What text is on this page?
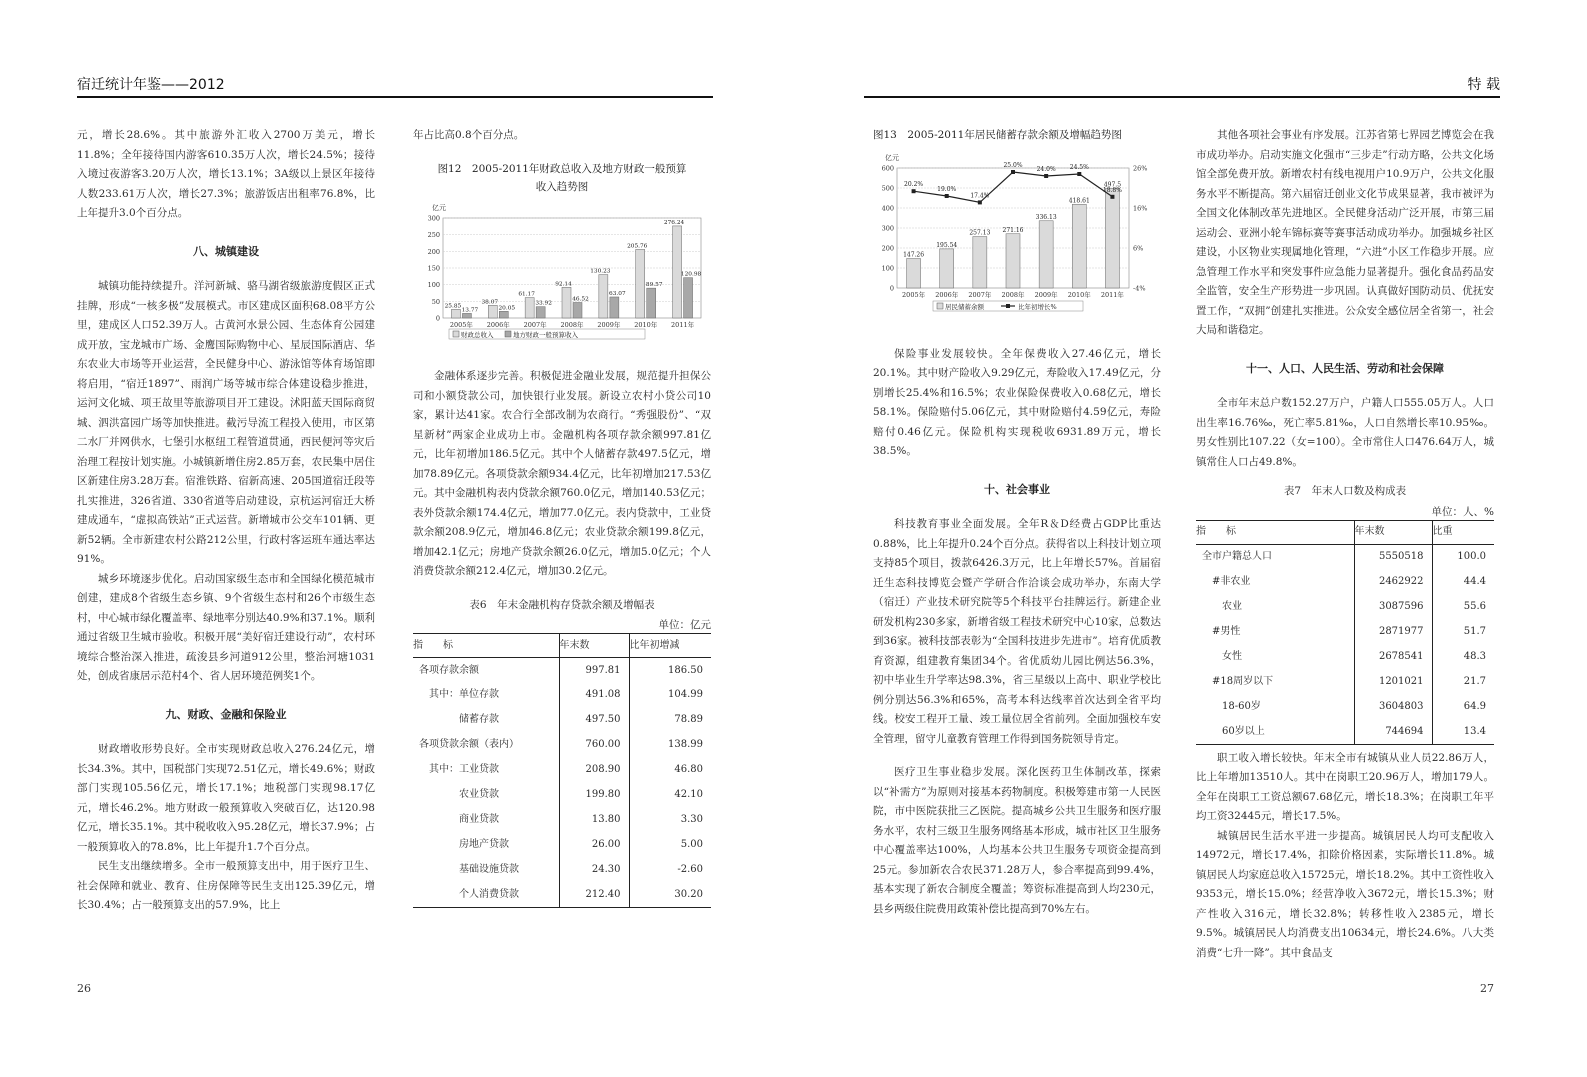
宿迁统计年鉴——2012	特 载

元，增长28.6%。其中旅游外汇收入2700万美元，增长11.8%；全年接待国内游客610.35万人次，增长24.5%；接待入境过夜游客3.20万人次，增长13.1%；3A级以上景区年接待人数233.61万人次，增长27.3%；旅游饭店出租率76.8%，比上年提升3.0个百分点。

八、城镇建设

城镇功能持续提升。洋河新城、骆马湖省级旅游度假区正式挂牌，形成“一核多极”发展模式。市区建成区面积68.08平方公里，建成区人口52.39万人。古黄河水景公园、生态体育公园建成开放，宝龙城市广场、金鹰国际购物中心、星辰国际酒店、华东农业大市场等开业运营，全民健身中心、游泳馆等体育场馆即将启用，“宿迁1897”、雨润广场等城市综合体建设稳步推进，运河文化城、项王故里等旅游项目开工建设。沭阳蓝天国际商贸城、泗洪富园广场等加快推进。截污导流工程投入使用，市区第二水厂并网供水，七堡引水枢纽工程管道贯通，西民便河等灾后治理工程按计划实施。小城镇新增住房2.85万套，农民集中居住区新建住房3.28万套。宿淮铁路、宿新高速、205国道宿迁段等扎实推进，326省道、330省道等启动建设，京杭运河宿迁大桥建成通车，“虚拟高铁站”正式运营。新增城市公交车101辆、更新52辆。全市新建农村公路212公里，行政村客运班车通达率达91%。

城乡环境逐步优化。启动国家级生态市和全国绿化模范城市创建，建成8个省级生态乡镇、9个省级生态村和26个市级生态村，中心城市绿化覆盖率、绿地率分别达40.9%和37.1%。顺利通过省级卫生城市验收。积极开展“美好宿迁建设行动”，农村环境综合整治深入推进，疏浚县乡河道912公里，整治河塘1031处，创成省康居示范村4个、省人居环境范例奖1个。

九、财政、金融和保险业

财政增收形势良好。全市实现财政总收入276.24亿元，增长34.3%。其中，国税部门实现72.51亿元，增长49.6%；财政部门实现105.56亿元，增长17.1%；地税部门实现98.17亿元，增长46.2%。地方财政一般预算收入突破百亿，达120.98亿元，增长35.1%。其中税收收入95.28亿元，增长37.9%；占一般预算收入的78.8%，比上年提升1.7个百分点。

民生支出继续增多。全市一般预算支出中，用于医疗卫生、社会保障和就业、教育、住房保障等民生支出125.39亿元，增长30.4%；占一般预算支出的57.9%，比上

年占比高0.8个百分点。

图12　2005-2011年财政总收入及地方财政一般预算收入趋势图
亿元
0
50
100
150
200
250
300
25.85
13.77
2005年
38.07
20.05
2006年
61.17
33.92
2007年
92.14
46.52
2008年
130.23
63.07
2009年
205.76
89.57
2010年
276.24
120.98
2011年
财政总收入	地方财政一般预算收入

金融体系逐步完善。积极促进金融业发展，规范提升担保公司和小额贷款公司，加快银行业发展。新设立农村小贷公司10家，累计达41家。农合行全部改制为农商行。“秀强股份”、“双星新材”两家企业成功上市。金融机构各项存款余额997.81亿元，比年初增加186.5亿元。其中个人储蓄存款497.5亿元，增加78.89亿元。各项贷款余额934.4亿元，比年初增加217.53亿元。其中金融机构表内贷款余额760.0亿元，增加140.53亿元；表外贷款余额174.4亿元，增加77.0亿元。表内贷款中，工业贷款余额208.9亿元，增加46.8亿元；农业贷款余额199.8亿元，增加42.1亿元；房地产贷款余额26.0亿元，增加5.0亿元；个人消费贷款余额212.4亿元，增加30.2亿元。

表6　年末金融机构存贷款余额及增幅表
单位：亿元
指　　标	年末数	比年初增减
各项存款余额	997.81	186.50
　其中：单位存款	491.08	104.99
　　　　储蓄存款	497.50	78.89
各项贷款余额（表内）	760.00	138.99
　其中：工业贷款	208.90	46.80
　　　　农业贷款	199.80	42.10
　　　　商业贷款	13.80	3.30
　　　　房地产贷款	26.00	5.00
　　　　基础设施贷款	24.30	-2.60
　　　　个人消费贷款	212.40	30.20
图13　2005-2011年居民储蓄存款余额及增幅趋势图
亿元
0
100
200
300
400
500
600
-4%
6%
16%
26%
147.26
2005年
195.54
2006年
257.13
2007年
271.16
2008年
336.13
2009年
418.61
2010年
497.5
2011年
20.2%
19.0%
17.4%
25.0%
24.0% 24.5%
18.8%
居民储蓄余额	比年初增长%

保险事业发展较快。全年保费收入27.46亿元，增长20.1%。其中财产险收入9.29亿元，寿险收入17.49亿元，分别增长25.4%和16.5%；农业保险保费收入0.68亿元，增长58.1%。保险赔付5.06亿元，其中财险赔付4.59亿元，寿险赔付0.46亿元。保险机构实现税收6931.89万元，增长38.5%。

十、社会事业

科技教育事业全面发展。全年R＆D经费占GDP比重达0.88%，比上年提升0.24个百分点。获得省以上科技计划立项支持85个项目，拨款6426.3万元，比上年增长57%。首届宿迁生态科技博览会暨产学研合作洽谈会成功举办，东南大学（宿迁）产业技术研究院等5个科技平台挂牌运行。新建企业研发机构230多家，新增省级工程技术研究中心10家，总数达到36家。被科技部表彰为“全国科技进步先进市”。培育优质教育资源，组建教育集团34个。省优质幼儿园比例达56.3%，初中毕业生升学率达98.3%，省三星级以上高中、职业学校比例分别达56.3%和65%，高考本科达线率首次达到全省平均线。校安工程开工量、竣工量位居全省前列。全面加强校车安全管理，留守儿童教育管理工作得到国务院领导肯定。

医疗卫生事业稳步发展。深化医药卫生体制改革，探索以“补需方”为原则对接基本药物制度。积极筹建市第一人民医院，市中医院获批三乙医院。提高城乡公共卫生服务和医疗服务水平，农村三级卫生服务网络基本形成，城市社区卫生服务中心覆盖率达100%，人均基本公共卫生服务专项资金提高到25元。参加新农合农民371.28万人，参合率提高到99.4%，基本实现了新农合制度全覆盖；筹资标准提高到人均230元，县乡两级住院费用政策补偿比提高到70%左右。

其他各项社会事业有序发展。江苏省第七界园艺博览会在我市成功举办。启动实施文化强市“三步走”行动方略，公共文化场馆全部免费开放。新增农村有线电视用户10.9万户，公共文化服务水平不断提高。第六届宿迁创业文化节成果显著，我市被评为全国文化体制改革先进地区。全民健身活动广泛开展，市第三届运动会、亚洲小轮车锦标赛等赛事活动成功举办。加强城乡社区建设，小区物业实现属地化管理，“六进”小区工作稳步开展。应急管理工作水平和突发事件应急能力显著提升。强化食品药品安全监管，安全生产形势进一步巩固。认真做好国防动员、优抚安置工作，“双拥”创建扎实推进。公众安全感位居全省第一，社会大局和谐稳定。

十一、人口、人民生活、劳动和社会保障

全市年末总户数152.27万户，户籍人口555.05万人。人口出生率16.76‰，死亡率5.81‰，人口自然增长率10.95‰。男女性别比107.22（女=100）。全市常住人口476.64万人，城镇常住人口占49.8%。

表7　年末人口数及构成表
单位：人、%
指　　标	年末数	比重
全市户籍总人口	5550518	100.0
　#非农业	2462922	44.4
　　农业	3087596	55.6
　#男性	2871977	51.7
　　女性	2678541	48.3
　#18周岁以下	1201021	21.7
　　18-60岁	3604803	64.9
　　60岁以上	744694	13.4

职工收入增长较快。年末全市有城镇从业人员22.86万人，比上年增加13510人。其中在岗职工20.96万人，增加179人。全年在岗职工工资总额67.68亿元，增长18.3%；在岗职工年平均工资32445元，增长17.5%。

城镇居民生活水平进一步提高。城镇居民人均可支配收入14972元，增长17.4%，扣除价格因素，实际增长11.8%。城镇居民人均家庭总收入15725元，增长18.2%。其中工资性收入9353元，增长15.0%；经营净收入3672元，增长15.3%；财产性收入316元，增长32.8%；转移性收入2385元，增长9.5%。城镇居民人均消费支出10634元，增长24.6%。八大类消费“七升一降”。其中食品支

26	27
